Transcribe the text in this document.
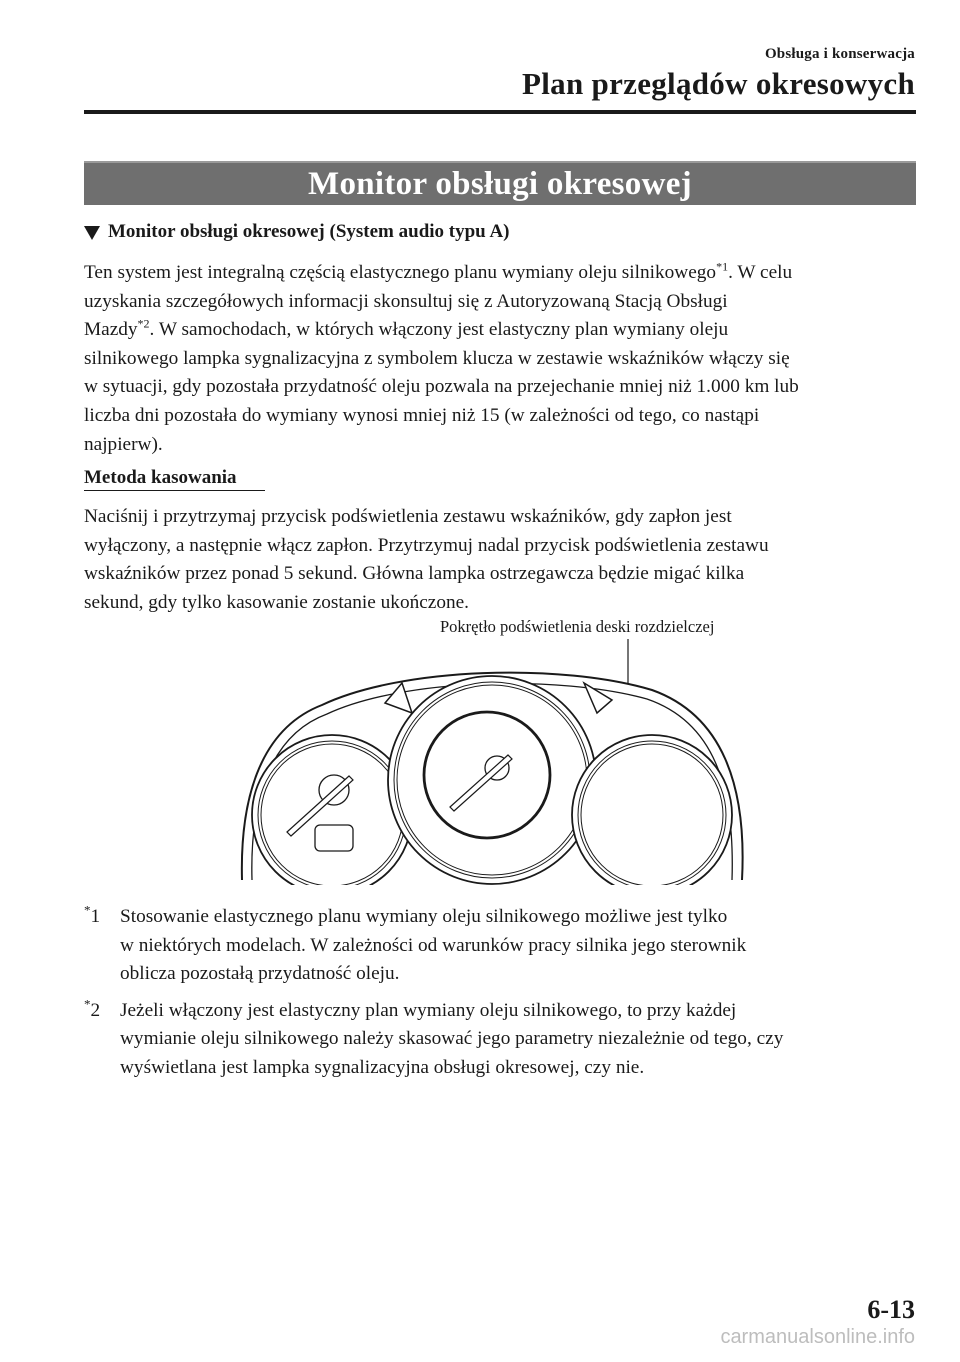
Obsługa i konserwacja
Plan przeglądów okresowych
Monitor obsługi okresowej
Monitor obsługi okresowej (System audio typu A)
Ten system jest integralną częścią elastycznego planu wymiany oleju silnikowego$^{*1}$. W celu
uzyskania szczegółowych informacji skonsultuj się z Autoryzowaną Stacją Obsługi
Mazdy$^{*2}$. W samochodach, w których włączony jest elastyczny plan wymiany oleju
silnikowego lampka sygnalizacyjna z symbolem klucza w zestawie wskaźników włączy się
w sytuacji, gdy pozostała przydatność oleju pozwala na przejechanie mniej niż 1.000 km lub
liczba dni pozostała do wymiany wynosi mniej niż 15 (w zależności od tego, co nastąpi
najpierw).
Metoda kasowania
Naciśnij i przytrzymaj przycisk podświetlenia zestawu wskaźników, gdy zapłon jest
wyłączony, a następnie włącz zapłon. Przytrzymuj nadal przycisk podświetlenia zestawu
wskaźników przez ponad 5 sekund. Główna lampka ostrzegawcza będzie migać kilka
sekund, gdy tylko kasowanie zostanie ukończone.
Pokrętło podświetlenia deski rozdzielczej
*1 Stosowanie elastycznego planu wymiany oleju silnikowego możliwe jest tylko
w niektórych modelach. W zależności od warunków pracy silnika jego sterownik
oblicza pozostałą przydatność oleju.
*2 Jeżeli włączony jest elastyczny plan wymiany oleju silnikowego, to przy każdej
wymianie oleju silnikowego należy skasować jego parametry niezależnie od tego, czy
wyświetlana jest lampka sygnalizacyjna obsługi okresowej, czy nie.
6-13
carmanualsonline.info
